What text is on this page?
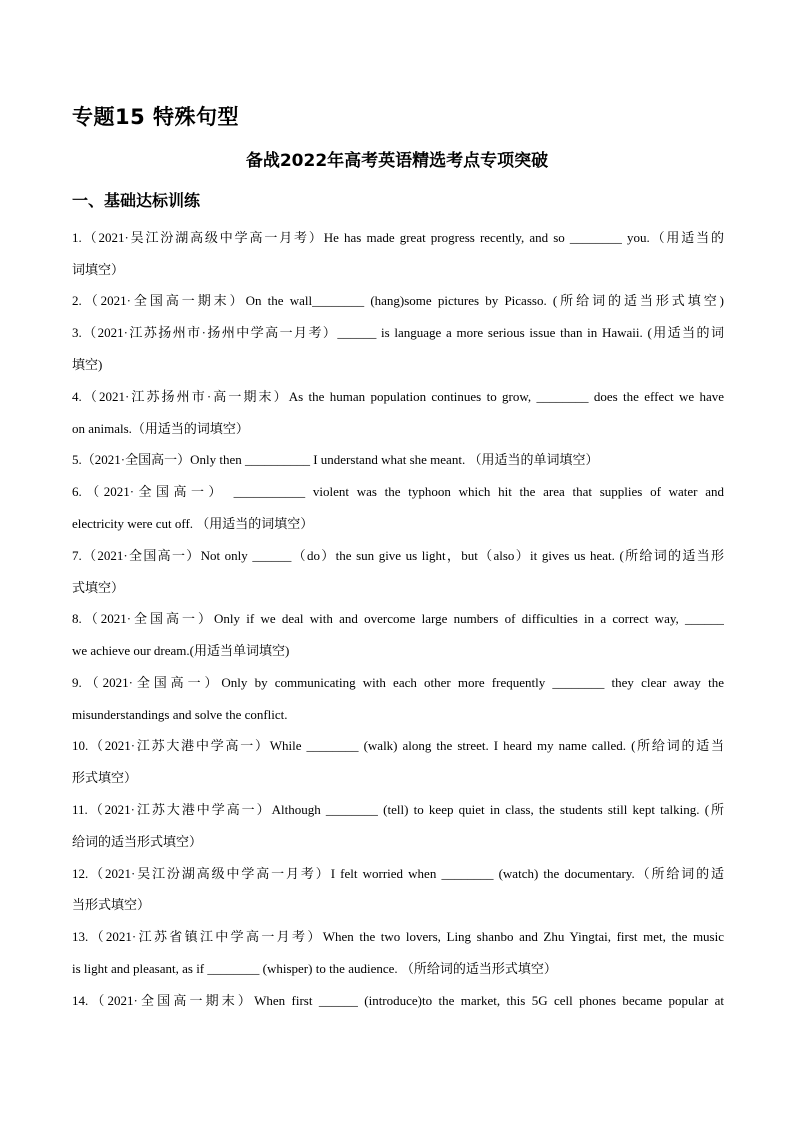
专题15 特殊句型
备战2022年高考英语精选考点专项突破
一、基础达标训练
1.（2021·吴江汾湖高级中学高一月考）He has made great progress recently, and so ________ you.（用适当的
词填空）
2.（2021·全国高一期末）On the wall________ (hang)some pictures by Picasso. (所给词的适当形式填空)
3.（2021·江苏扬州市·扬州中学高一月考）______ is language a more serious issue than in Hawaii. (用适当的词
填空)
4.（2021·江苏扬州市·高一期末）As the human population continues to grow, ________ does the effect we have
on animals.（用适当的词填空）
5.（2021·全国高一）Only then __________ I understand what she meant. （用适当的单词填空）
6.（2021·全国高一） ___________ violent was the typhoon which hit the area that supplies of water and
electricity were cut off. （用适当的词填空）
7.（2021·全国高一）Not only ______（do）the sun give us light，but（also）it gives us heat. (所给词的适当形
式填空）
8.（2021·全国高一）Only if we deal with and overcome large numbers of difficulties in a correct way, ______
we achieve our dream.(用适当单词填空)
9.（2021·全国高一）Only by communicating with each other more frequently ________ they clear away the
misunderstandings and solve the conflict.
10.（2021·江苏大港中学高一）While ________ (walk) along the street. I heard my name called. (所给词的适当
形式填空）
11.（2021·江苏大港中学高一）Although ________ (tell) to keep quiet in class, the students still kept talking. (所
给词的适当形式填空）
12.（2021·吴江汾湖高级中学高一月考）I felt worried when ________ (watch) the documentary.（所给词的适
当形式填空）
13.（2021·江苏省镇江中学高一月考）When the two lovers, Ling shanbo and Zhu Yingtai, first met, the music
is light and pleasant, as if ________ (whisper) to the audience. （所给词的适当形式填空）
14.（2021·全国高一期末）When first ______ (introduce)to the market, this 5G cell phones became popular at
